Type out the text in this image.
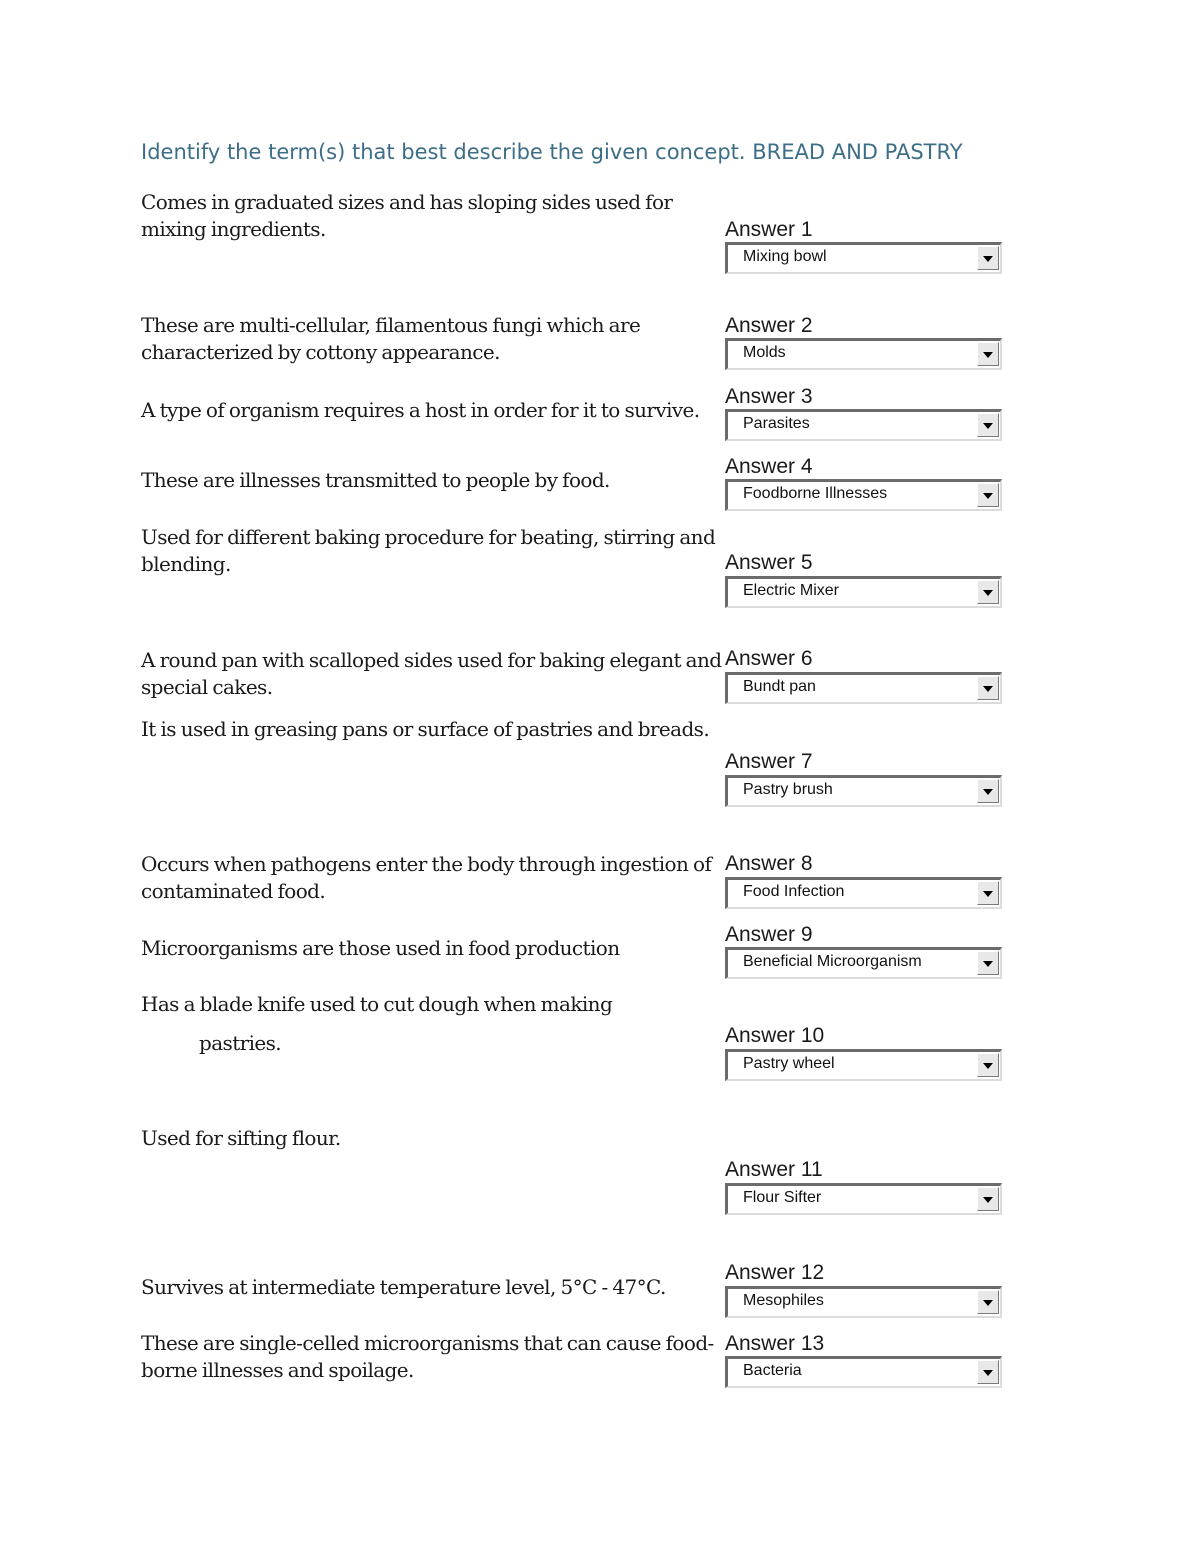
Identify the term(s) that best describe the given concept. BREAD AND PASTRY
Comes in graduated sizes and has sloping sides used for mixing ingredients.	Answer 1
Mixing bowl
These are multi-cellular, filamentous fungi which are characterized by cottony appearance.
Answer 2
Molds
A type of organism requires a host in order for it to survive.
Answer 3
Parasites
These are illnesses transmitted to people by food.
Answer 4
Foodborne Illnesses
Used for different baking procedure for beating, stirring and blending.	Answer 5
Electric Mixer
A round pan with scalloped sides used for baking elegant and special cakes.
Answer 6
Bundt pan
It is used in greasing pans or surface of pastries and breads.
Answer 7
Pastry brush
Occurs when pathogens enter the body through ingestion of contaminated food.
Answer 8
Food Infection
Microorganisms are those used in food production
Answer 9
Beneficial Microorganism
Has a blade knife used to cut dough when making
pastries.	Answer 10
Pastry wheel
Used for sifting flour.
Answer 11
Flour Sifter
Survives at intermediate temperature level, 5°C - 47°C.
Answer 12
Mesophiles
These are single-celled microorganisms that can cause food-borne illnesses and spoilage.
Answer 13
Bacteria
